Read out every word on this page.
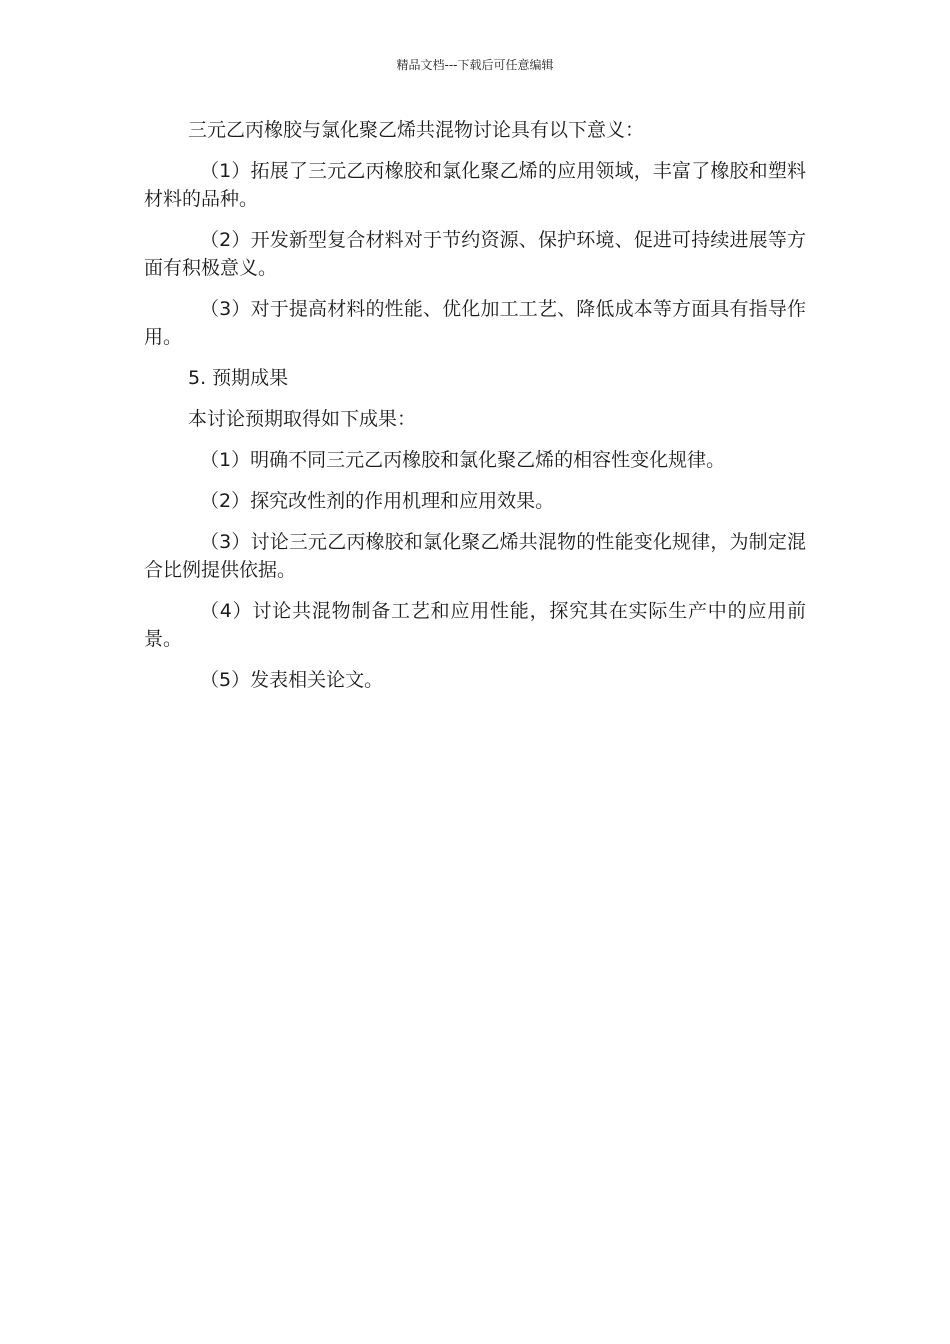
精品文档---下载后可任意编辑

三元乙丙橡胶与氯化聚乙烯共混物讨论具有以下意义：

（1）拓展了三元乙丙橡胶和氯化聚乙烯的应用领域，丰富了橡胶和塑料材料的品种。

（2）开发新型复合材料对于节约资源、保护环境、促进可持续进展等方面有积极意义。

（3）对于提高材料的性能、优化加工工艺、降低成本等方面具有指导作用。

5. 预期成果

本讨论预期取得如下成果：

（1）明确不同三元乙丙橡胶和氯化聚乙烯的相容性变化规律。

（2）探究改性剂的作用机理和应用效果。

（3）讨论三元乙丙橡胶和氯化聚乙烯共混物的性能变化规律，为制定混合比例提供依据。

（4）讨论共混物制备工艺和应用性能，探究其在实际生产中的应用前景。

（5）发表相关论文。
